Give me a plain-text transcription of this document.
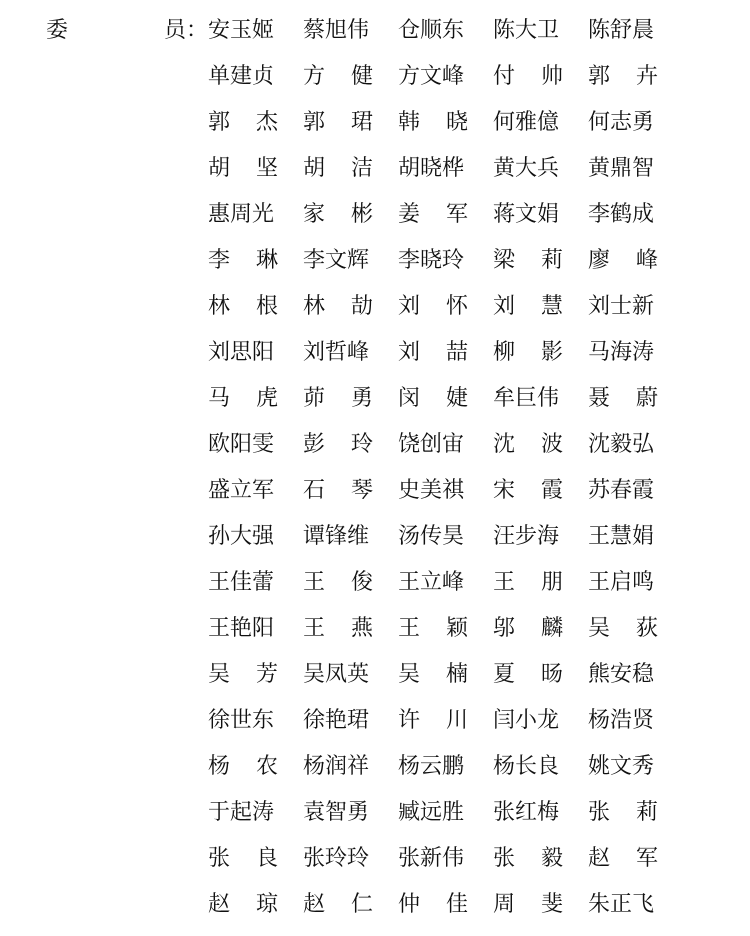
委	员： 安玉姬 蔡旭伟 仓顺东 陈大卫 陈舒晨
单建贞 方 健 方文峰 付 帅 郭 卉
郭 杰 郭 珺 韩 晓 何雅億 何志勇
胡 坚 胡 洁 胡晓桦 黄大兵 黄鼎智
惠周光 家 彬 姜 军 蒋文娟 李鹤成
李 琳 李文辉 李晓玲 梁 莉 廖 峰
林 根 林 劼 刘 怀 刘 慧 刘士新
刘思阳 刘哲峰 刘 喆 柳 影 马海涛
马 虎 茆 勇 闵 婕 牟巨伟 聂 蔚
欧阳雯 彭 玲 饶创宙 沈 波 沈毅弘
盛立军 石 琴 史美祺 宋 霞 苏春霞
孙大强 谭锋维 汤传昊 汪步海 王慧娟
王佳蕾 王 俊 王立峰 王 朋 王启鸣
王艳阳 王 燕 王 颖 邬 麟 吴 荻
吴 芳 吴凤英 吴 楠 夏 旸 熊安稳
徐世东 徐艳珺 许 川 闫小龙 杨浩贤
杨 农 杨润祥 杨云鹏 杨长良 姚文秀
于起涛 袁智勇 臧远胜 张红梅 张 莉
张 良 张玲玲 张新伟 张 毅 赵 军
赵 琼 赵 仁 仲 佳 周 斐 朱正飞
